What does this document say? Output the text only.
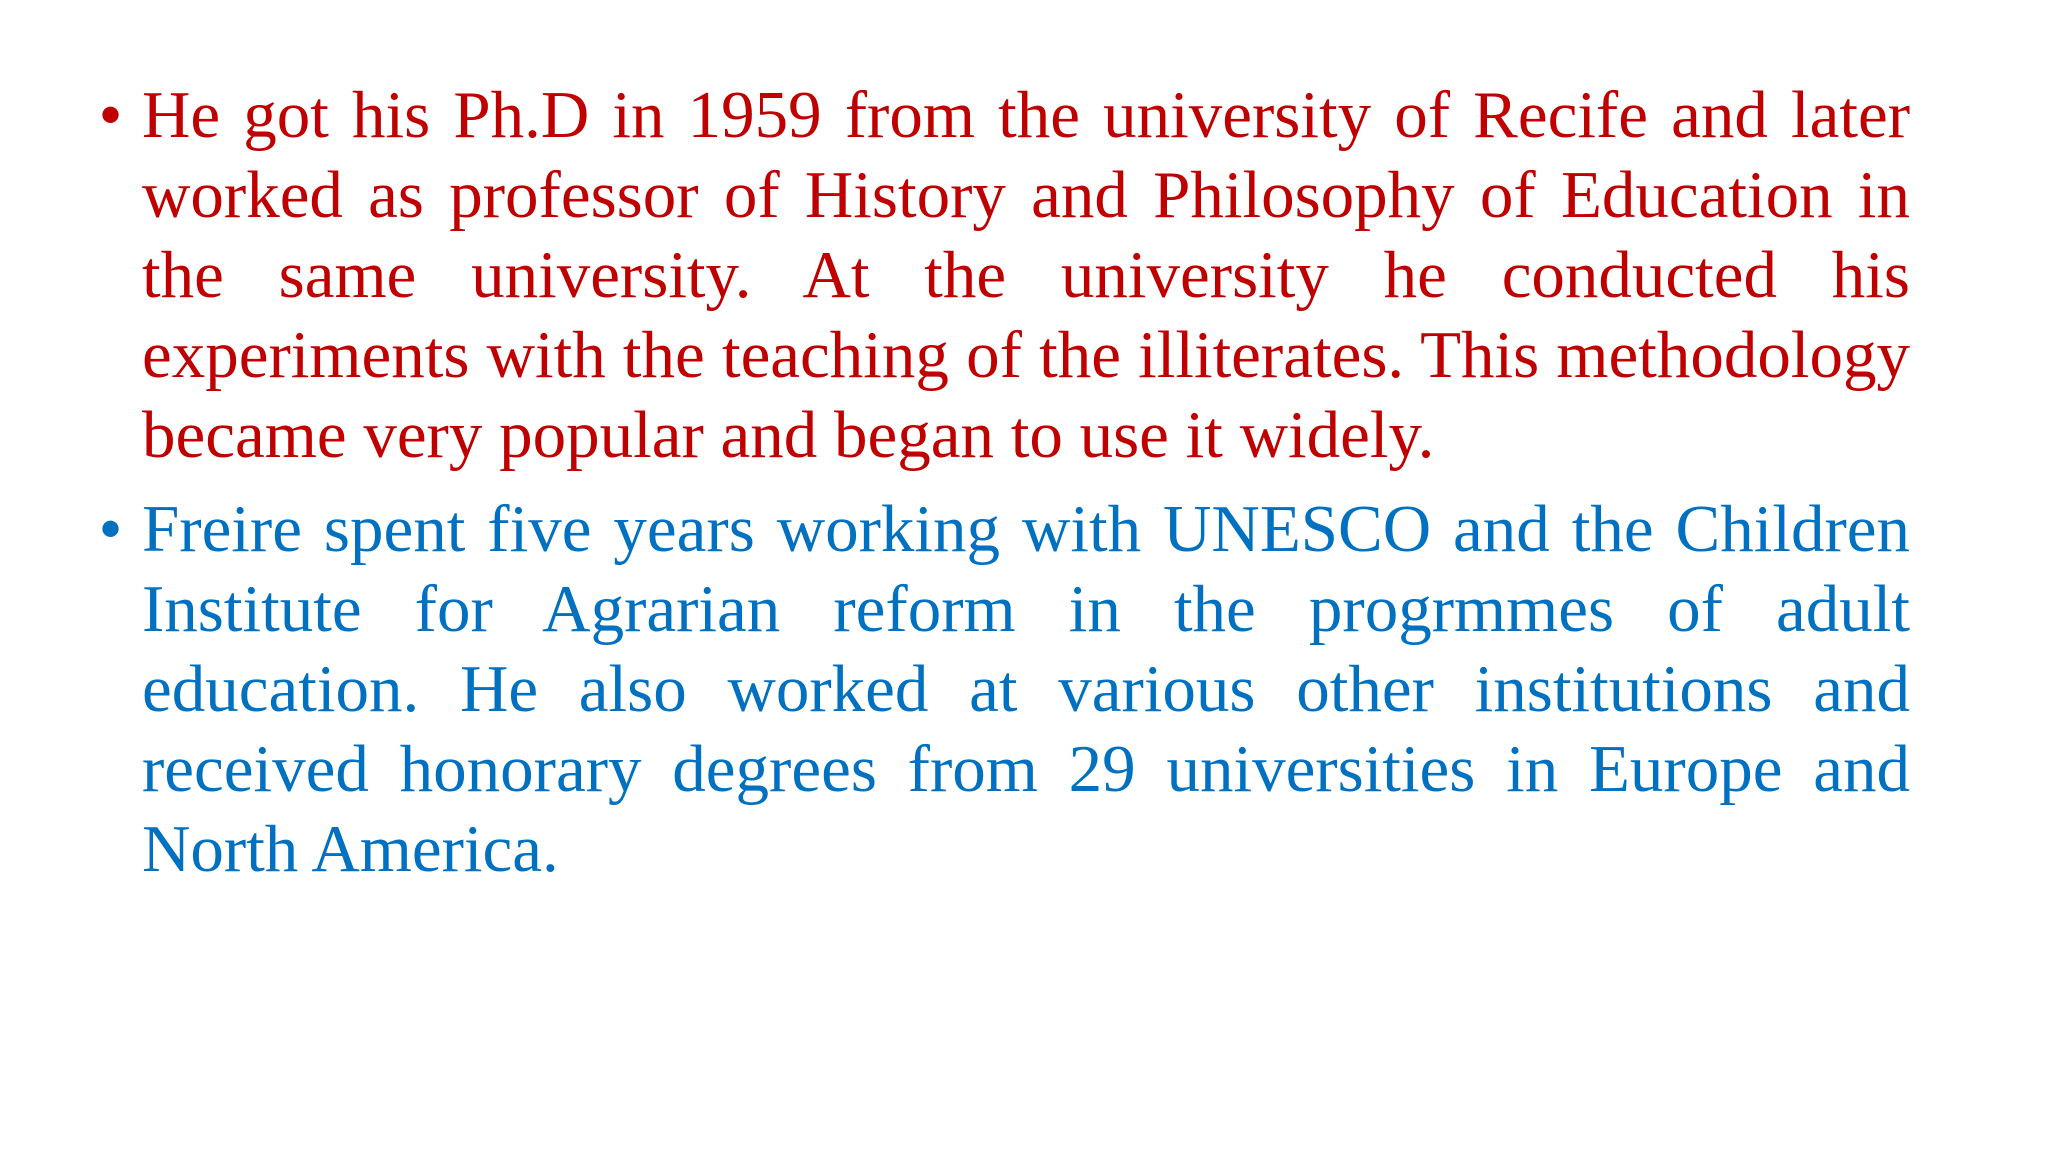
• He got his Ph.D in 1959 from the university of Recife and later worked as professor of History and Philosophy of Education in the same university. At the university he conducted his experiments with the teaching of the illiterates. This methodology became very popular and began to use it widely.

• Freire spent five years working with UNESCO and the Children Institute for Agrarian reform in the progrmmes of adult education. He also worked at various other institutions and received honorary degrees from 29 universities in Europe and North America.
